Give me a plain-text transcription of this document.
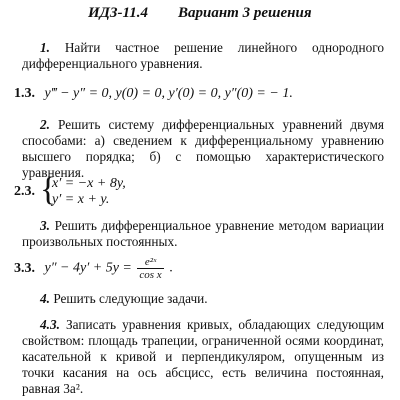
ИДЗ-11.4 Вариант 3 решения
1. Найти частное решение линейного однородного дифференциального уравнения.
1.3. y‴ − y″ = 0, y(0) = 0, y′(0) = 0, y″(0) = − 1.
2. Решить систему дифференциальных уравнений двумя способами: а) сведением к дифференциальному уравнению высшего порядка; б) с помощью характеристического уравнения.
2.3. {
x′ = −x + 8y,
y′ = x + y.
3. Решить дифференциальное уравнение методом вариации произвольных постоянных.
3.3. $y'' - 4y' + 5y = \frac{\text{e²ˣ}}{\text{cos x}}$ .
4. Решить следующие задачи.
4.3. Записать уравнения кривых, обладающих следующим свойством: площадь трапеции, ограниченной осями координат, касательной к кривой и перпендикуляром, опущенным из точки касания на ось абсцисс, есть величина постоянная, равная 3a².
